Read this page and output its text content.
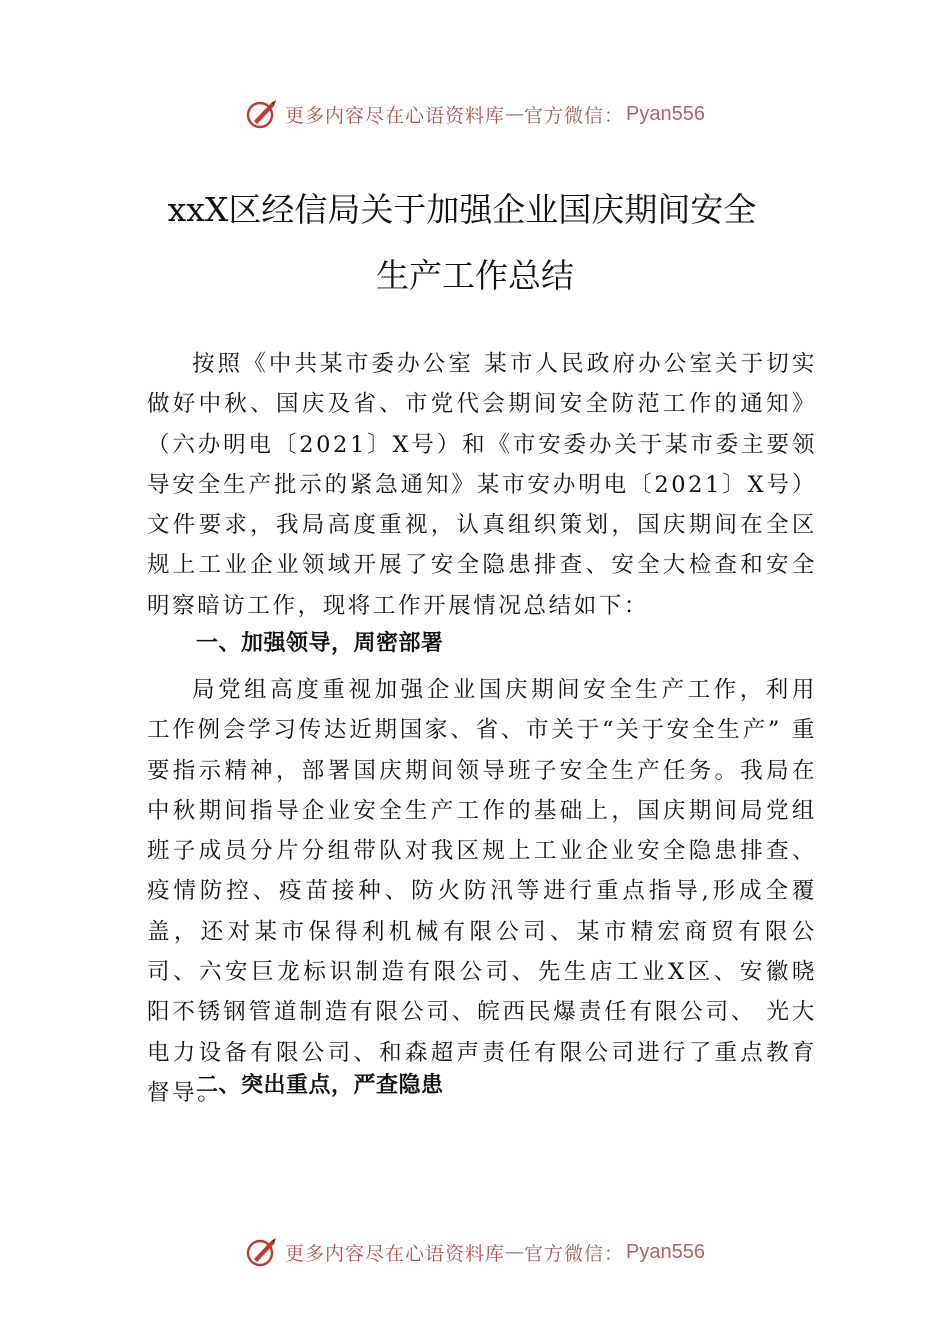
更多内容尽在心语资料库 — 官方微信： Pyan556
xxX区经信局关于加强企业国庆期间安全
生产工作总结

按照《中共某市委办公室 某市人民政府办公室关于切实做好中秋、国庆及省、市党代会期间安全防范工作的通知》（六办明电〔2021〕X号）和《市安委办关于某市委主要领导安全生产批示的紧急通知》某市安办明电〔2021〕X号）文件要求，我局高度重视，认真组织策划，国庆期间在全区规上工业企业领域开展了安全隐患排查、安全大检查和安全明察暗访工作，现将工作开展情况总结如下：

一、加强领导，周密部署

局党组高度重视加强企业国庆期间安全生产工作，利用工作例会学习传达近期国家、省、市关于“关于安全生产” 重要指示精神，部署国庆期间领导班子安全生产任务。我局在中秋期间指导企业安全生产工作的基础上，国庆期间局党组班子成员分片分组带队对我区规上工业企业安全隐患排查、疫情防控、疫苗接种、防火防汛等进行重点指导,形成全覆盖，还对某市保得利机械有限公司、某市精宏商贸有限公司、六安巨龙标识制造有限公司、先生店工业X区、安徽晓阳不锈钢管道制造有限公司、皖西民爆责任有限公司、 光大电力设备有限公司、和森超声责任有限公司进行了重点教育督导。

二、突出重点，严查隐患
更多内容尽在心语资料库 — 官方微信： Pyan556
